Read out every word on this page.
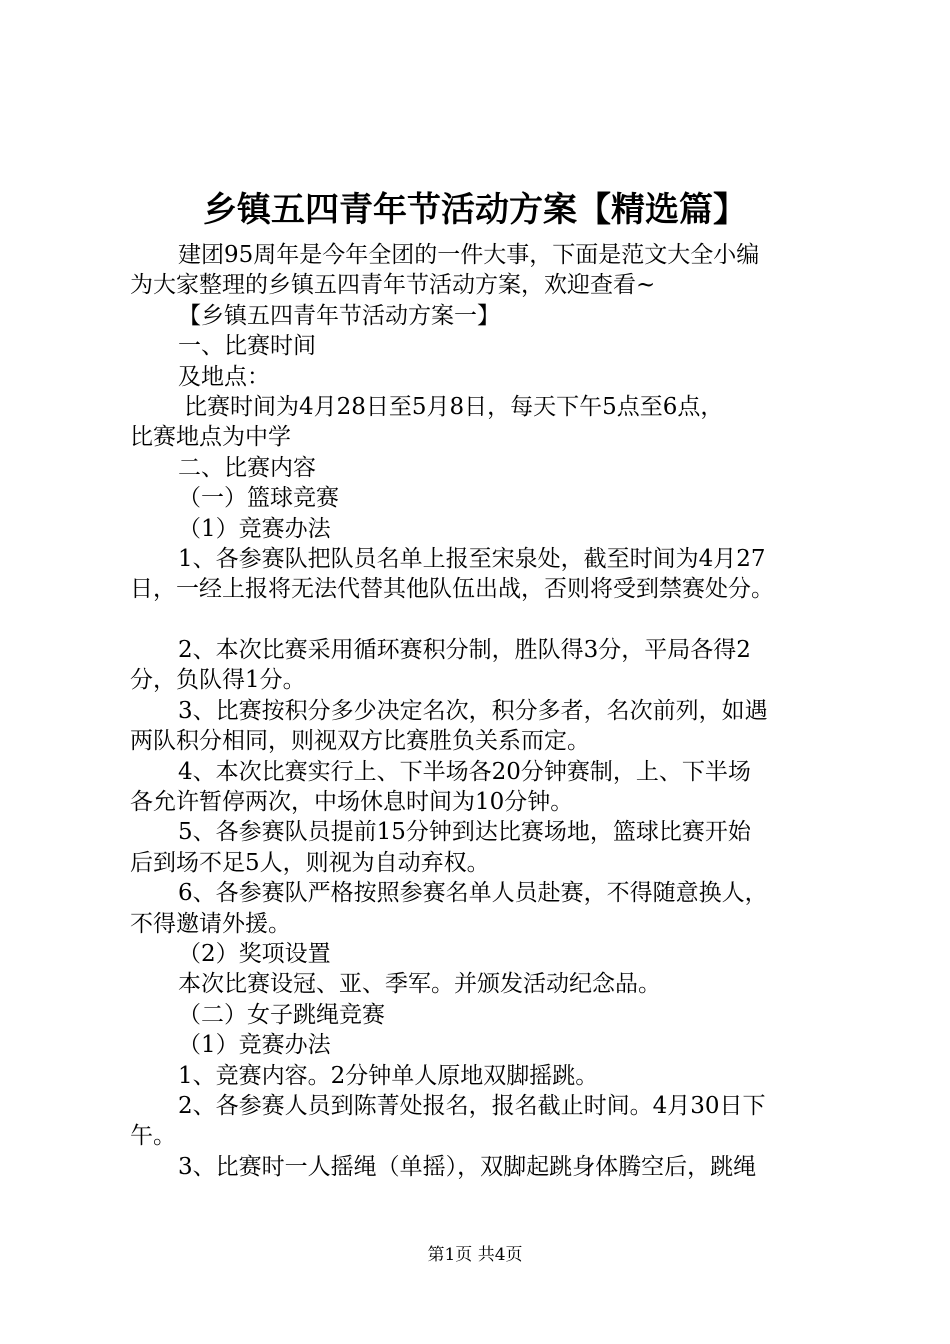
乡镇五四青年节活动方案【精选篇】

建团95周年是今年全团的一件大事，下面是范文大全小编

为大家整理的乡镇五四青年节活动方案，欢迎查看~

【乡镇五四青年节活动方案一】

一、比赛时间

及地点：

比赛时间为4月28日至5月8日，每天下午5点至6点，

比赛地点为中学

二、比赛内容

（一）篮球竞赛

（1）竞赛办法

1、各参赛队把队员名单上报至宋泉处，截至时间为4月27

日，一经上报将无法代替其他队伍出战，否则将受到禁赛处分。

2、本次比赛采用循环赛积分制，胜队得3分，平局各得2

分，负队得1分。

3、比赛按积分多少决定名次，积分多者，名次前列，如遇

两队积分相同，则视双方比赛胜负关系而定。

4、本次比赛实行上、下半场各20分钟赛制，上、下半场

各允许暂停两次，中场休息时间为10分钟。

5、各参赛队员提前15分钟到达比赛场地，篮球比赛开始

后到场不足5人，则视为自动弃权。

6、各参赛队严格按照参赛名单人员赴赛，不得随意换人，

不得邀请外援。

（2）奖项设置

本次比赛设冠、亚、季军。并颁发活动纪念品。

（二）女子跳绳竞赛

（1）竞赛办法

1、竞赛内容。2分钟单人原地双脚摇跳。

2、各参赛人员到陈菁处报名，报名截止时间。4月30日下

午。

3、比赛时一人摇绳（单摇），双脚起跳身体腾空后，跳绳

第1页 共4页
